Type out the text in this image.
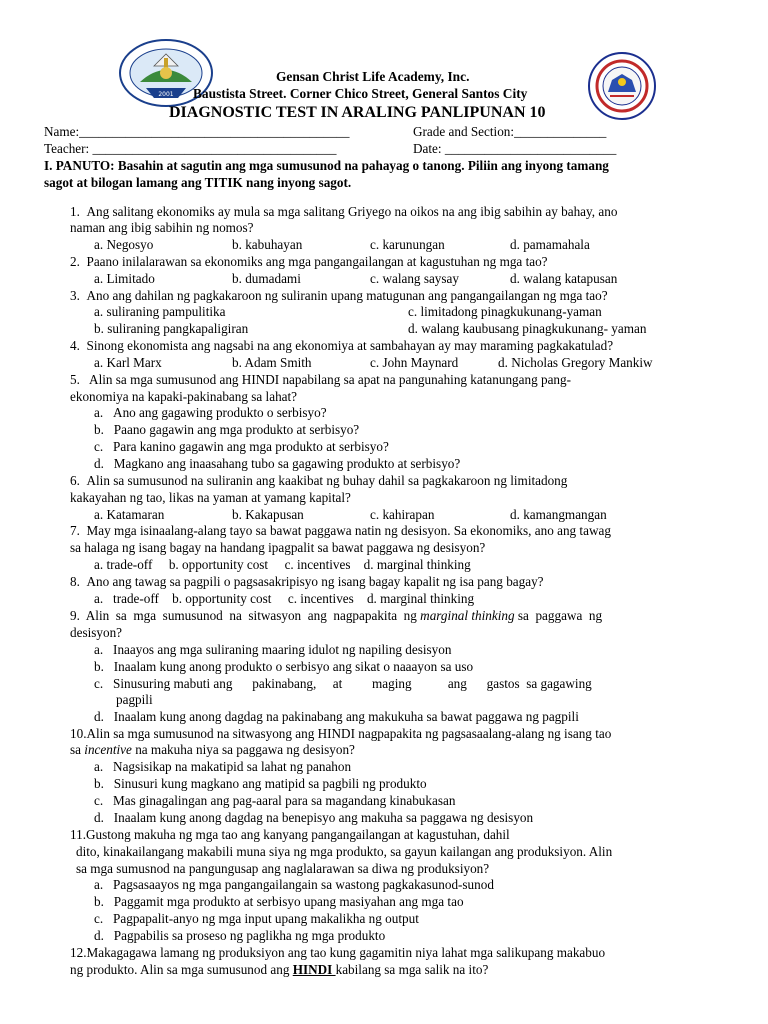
2001
Gensan Christ Life Academy, Inc.
Baustista Street. Corner Chico Street, General Santos City
DIAGNOSTIC TEST IN ARALING PANLIPUNAN 10
Name:_________________________________________	Grade and Section:______________
Teacher: _____________________________________	Date: __________________________
I. PANUTO: Basahin at sagutin ang mga sumusunod na pahayag o tanong. Piliin ang inyong tamang
sagot at bilogan lamang ang TITIK nang inyong sagot.
1. Ang salitang ekonomiks ay mula sa mga salitang Griyego na oikos na ang ibig sabihin ay bahay, ano
naman ang ibig sabihin ng nomos?
a. Negosyo	b. kabuhayan	c. karunungan	d. pamamahala
2. Paano inilalarawan sa ekonomiks ang mga pangangailangan at kagustuhan ng mga tao?
a. Limitado	b. dumadami	c. walang saysay	d. walang katapusan
3. Ano ang dahilan ng pagkakaroon ng suliranin upang matugunan ang pangangailangan ng mga tao?
a. suliraning pampulitika	c. limitadong pinagkukunang-yaman
b. suliraning pangkapaligiran	d. walang kaubusang pinagkukunang- yaman
4. Sinong ekonomista ang nagsabi na ang ekonomiya at sambahayan ay may maraming pagkakatulad?
a. Karl Marx	b. Adam Smith	c. John Maynard	d. Nicholas Gregory Mankiw
5.   Alin sa mga sumusunod ang HINDI napabilang sa apat na pangunahing katanungang pang-
ekonomiya na kapaki-pakinabang sa lahat?
a. Ano ang gagawing produkto o serbisyo?
b. Paano gagawin ang mga produkto at serbisyo?
c. Para kanino gagawin ang mga produkto at serbisyo?
d. Magkano ang inaasahang tubo sa gagawing produkto at serbisyo?
6. Alin sa sumusunod na suliranin ang kaakibat ng buhay dahil sa pagkakaroon ng limitadong
kakayahan ng tao, likas na yaman at yamang kapital?
a. Katamaran	b. Kakapusan	c. kahirapan	d. kamangmangan
7. May mga isinaalang-alang tayo sa bawat paggawa natin ng desisyon. Sa ekonomiks, ano ang tawag
sa halaga ng isang bagay na handang ipagpalit sa bawat paggawa ng desisyon?
a. trade-off     b. opportunity cost     c. incentives    d. marginal thinking
8. Ano ang tawag sa pagpili o pagsasakripisyo ng isang bagay kapalit ng isa pang bagay?
a.   trade-off    b. opportunity cost     c. incentives    d. marginal thinking
9. Alin  sa  mga  sumusunod  na  sitwasyon  ang  nagpapakita  ng marginal thinking sa  paggawa  ng
desisyon?
a. Inaayos ang mga suliraning maaring idulot ng napiling desisyon
b. Inaalam kung anong produkto o serbisyo ang sikat o naaayon sa uso
c. Sinusuring mabuti ang      pakinabang,     at         maging           ang      gastos  sa gagawing
pagpili
d. Inaalam kung anong dagdag na pakinabang ang makukuha sa bawat paggawa ng pagpili
10.Alin sa mga sumusunod na sitwasyong ang HINDI nagpapakita ng pagsasaalang-alang ng isang tao
sa incentive na makuha niya sa paggawa ng desisyon?
a. Nagsisikap na makatipid sa lahat ng panahon
b. Sinusuri kung magkano ang matipid sa pagbili ng produkto
c. Mas ginagalingan ang pag-aaral para sa magandang kinabukasan
d. Inaalam kung anong dagdag na benepisyo ang makuha sa paggawa ng desisyon
11.Gustong makuha ng mga tao ang kanyang pangangailangan at kagustuhan, dahil
dito, kinakailangang makabili muna siya ng mga produkto, sa gayun kailangan ang produksiyon. Alin
sa mga sumusnod na pangungusap ang naglalarawan sa diwa ng produksiyon?
a. Pagsasaayos ng mga pangangailangain sa wastong pagkakasunod-sunod
b. Paggamit mga produkto at serbisyo upang masiyahan ang mga tao
c. Pagpapalit-anyo ng mga input upang makalikha ng output
d. Pagpabilis sa proseso ng paglikha ng mga produkto
12.Makagagawa lamang ng produksiyon ang tao kung gagamitin niya lahat mga salikupang makabuo
ng produkto. Alin sa mga sumusunod ang HINDI kabilang sa mga salik na ito?
